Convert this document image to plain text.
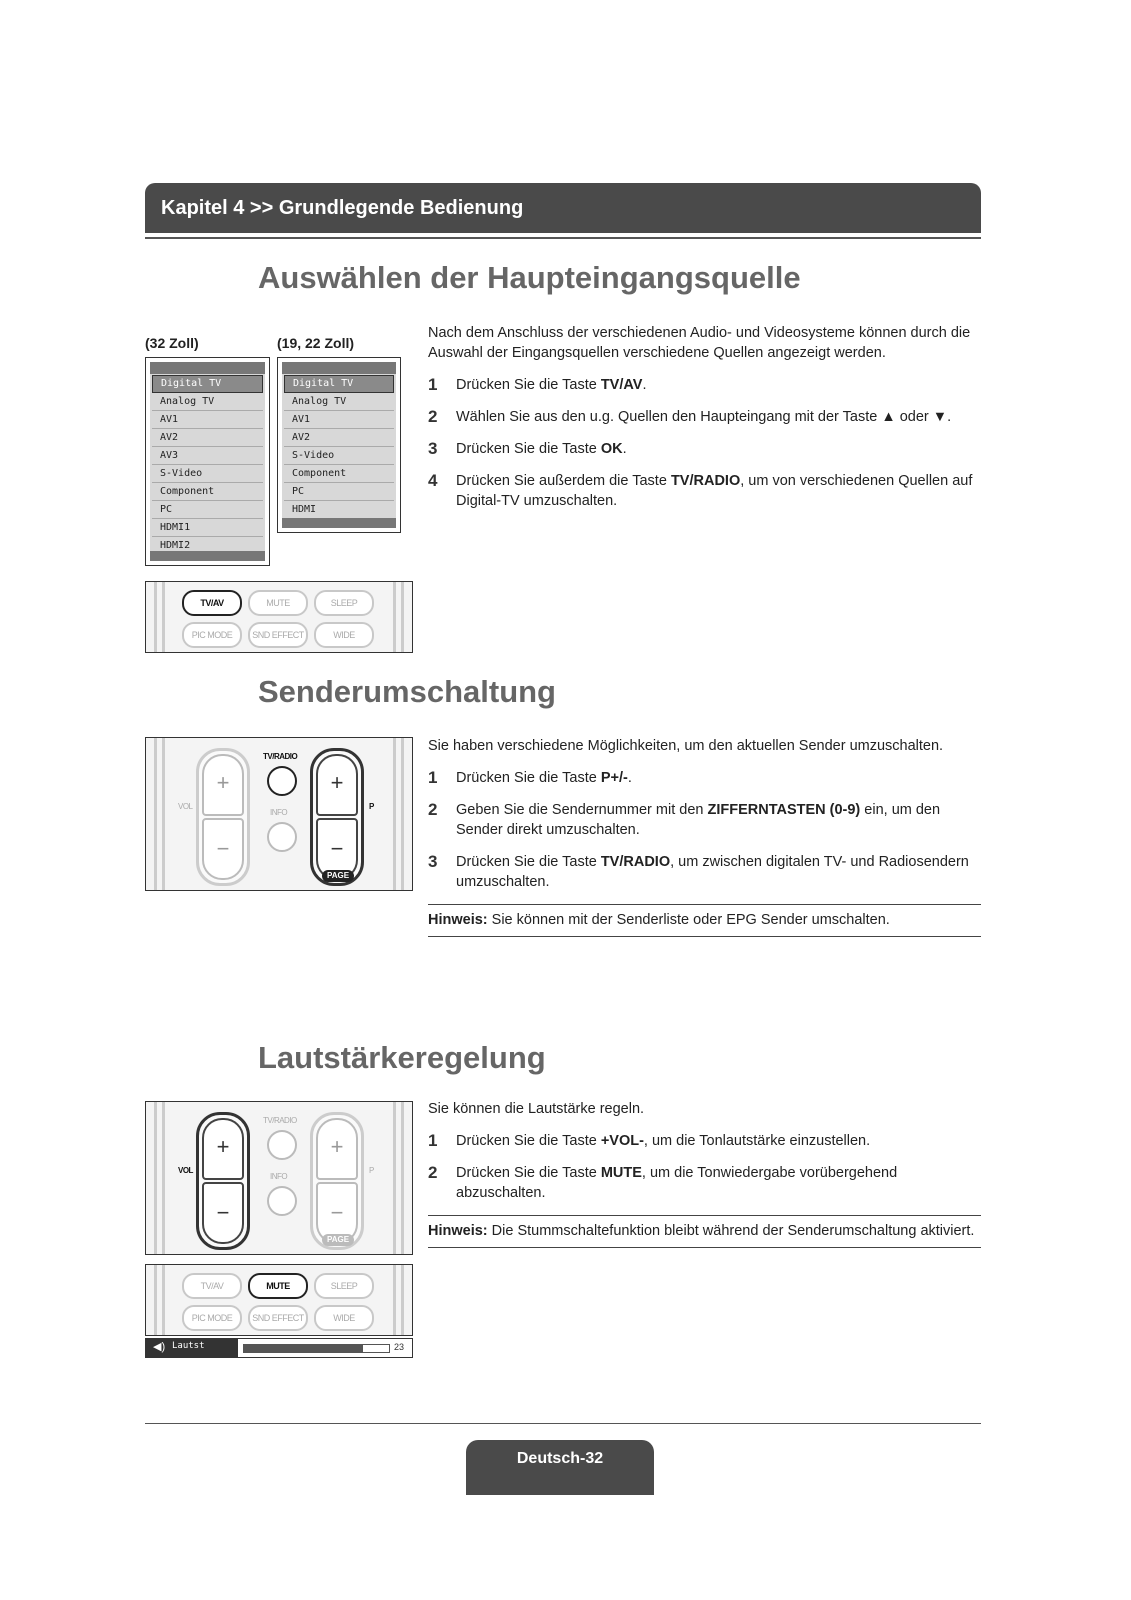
Kapitel 4 >> Grundlegende Bedienung
Auswählen der Haupteingangsquelle
(32 Zoll)	(19, 22 Zoll)
Digital TV
Analog TV
AV1
AV2
AV3
S-Video
Component
PC
HDMI1
HDMI2
Digital TV
Analog TV
AV1
AV2
S-Video
Component
PC
HDMI
TV/AV	MUTE	SLEEP
PIC MODE	SND EFFECT	WIDE

Nach dem Anschluss der verschiedenen Audio- und Videosysteme können durch die Auswahl der Eingangsquellen verschiedene Quellen angezeigt werden.

1	Drücken Sie die Taste TV/AV.
2	Wählen Sie aus den u.g. Quellen den Haupteingang mit der Taste ▲ oder ▼.
3	Drücken Sie die Taste OK.
4	Drücken Sie außerdem die Taste TV/RADIO, um von verschiedenen Quellen auf Digital-TV umzuschalten.
Senderumschaltung
+
−
VOL
TV/RADIO
INFO
+
−
P
PAGE

Sie haben verschiedene Möglichkeiten, um den aktuellen Sender umzuschalten.

1	Drücken Sie die Taste P+/-.
2	Geben Sie die Sendernummer mit den ZIFFERNTASTEN (0-9) ein, um den Sender direkt umzuschalten.
3	Drücken Sie die Taste TV/RADIO, um zwischen digitalen TV- und Radiosendern umzuschalten.
Hinweis: Sie können mit der Senderliste oder EPG Sender umschalten.
Lautstärkeregelung
+
−
VOL
TV/RADIO
INFO
+
−
P
PAGE
TV/AV	MUTE	SLEEP
PIC MODE	SND EFFECT	WIDE
◀) Lautst	23

Sie können die Lautstärke regeln.

1	Drücken Sie die Taste +VOL-, um die Tonlautstärke einzustellen.
2	Drücken Sie die Taste MUTE, um die Tonwiedergabe vorübergehend abzuschalten.
Hinweis: Die Stummschaltefunktion bleibt während der Senderumschaltung aktiviert.
Deutsch-32
